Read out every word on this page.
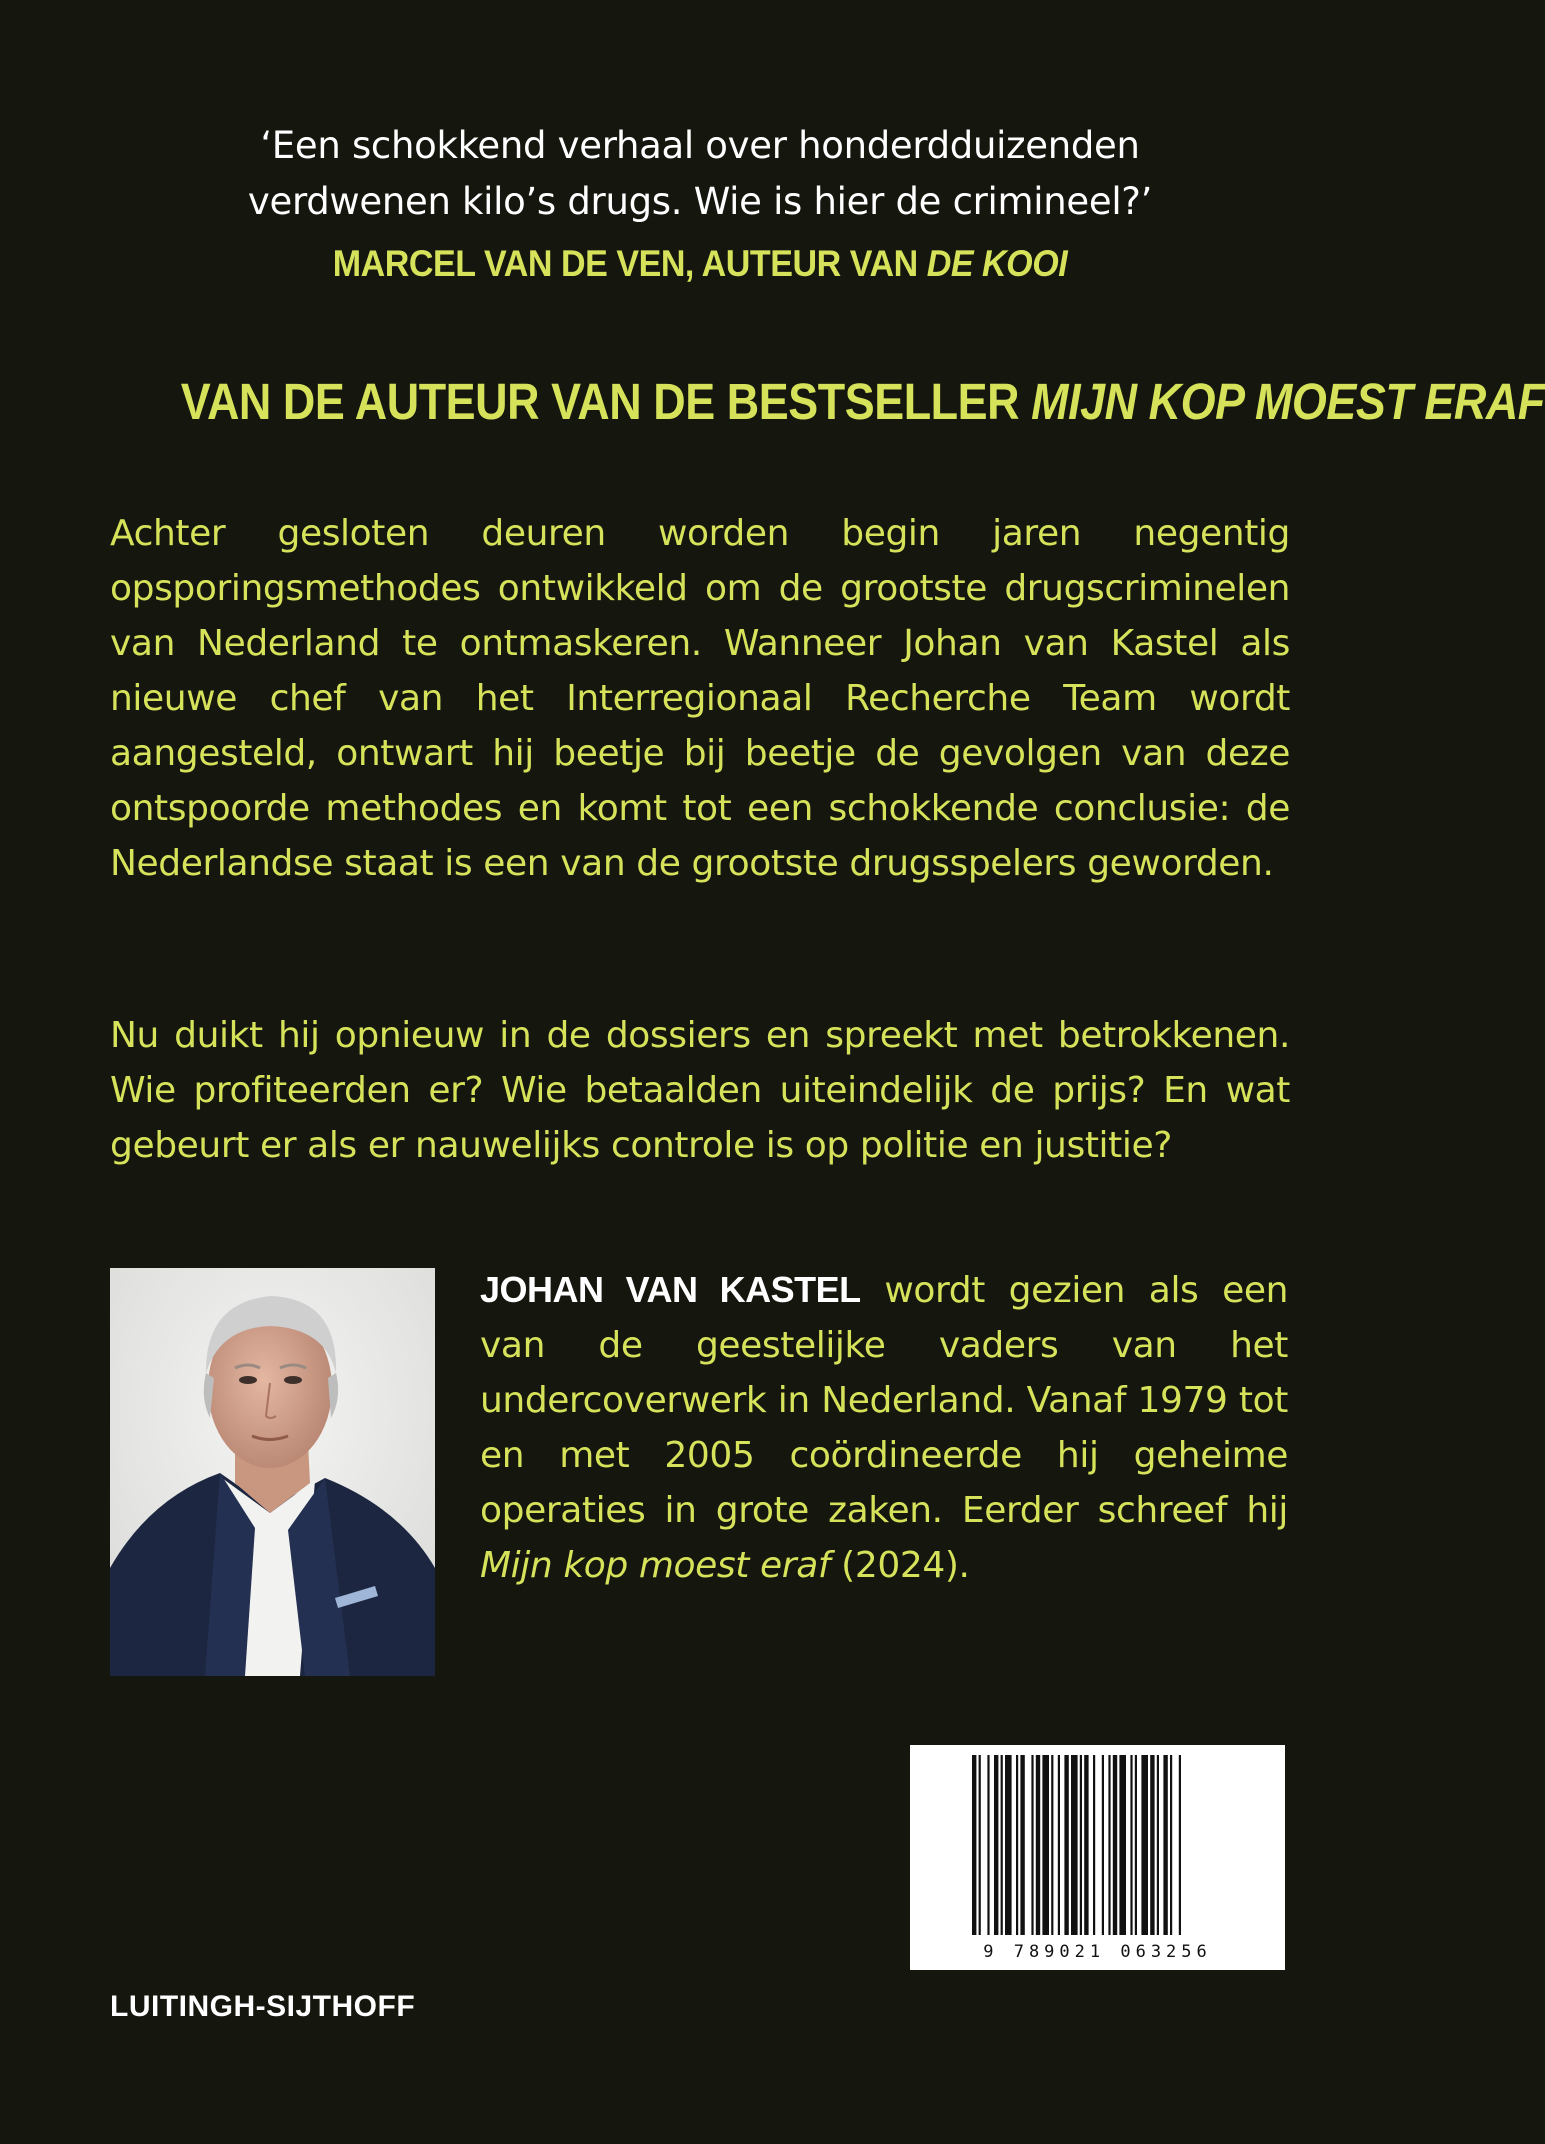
‘Een schokkend verhaal over honderdduizenden
verdwenen kilo’s drugs. Wie is hier de crimineel?’
MARCEL VAN DE VEN, AUTEUR VAN DE KOOI
VAN DE AUTEUR VAN DE BESTSELLER MIJN KOP MOEST ERAF
Achter gesloten deuren worden begin jaren negentig opsporingsmethodes ontwikkeld om de grootste drugscriminelen van Nederland te ontmaskeren. Wanneer Johan van Kastel als nieuwe chef van het Interregionaal Recherche Team wordt aangesteld, ontwart hij beetje bij beetje de gevolgen van deze ontspoorde methodes en komt tot een schokkende conclusie: de Nederlandse staat is een van de grootste drugsspelers geworden.
Nu duikt hij opnieuw in de dossiers en spreekt met betrokkenen. Wie profiteerden er? Wie betaalden uiteindelijk de prijs? En wat gebeurt er als er nauwelijks controle is op politie en justitie?
JOHAN VAN KASTEL wordt gezien als een van de geestelijke vaders van het undercoverwerk in Nederland. Vanaf 1979 tot en met 2005 coördineerde hij geheime operaties in grote zaken. Eerder schreef hij Mijn kop moest eraf (2024).
9 789021 063256
LUITINGH-SIJTHOFF
